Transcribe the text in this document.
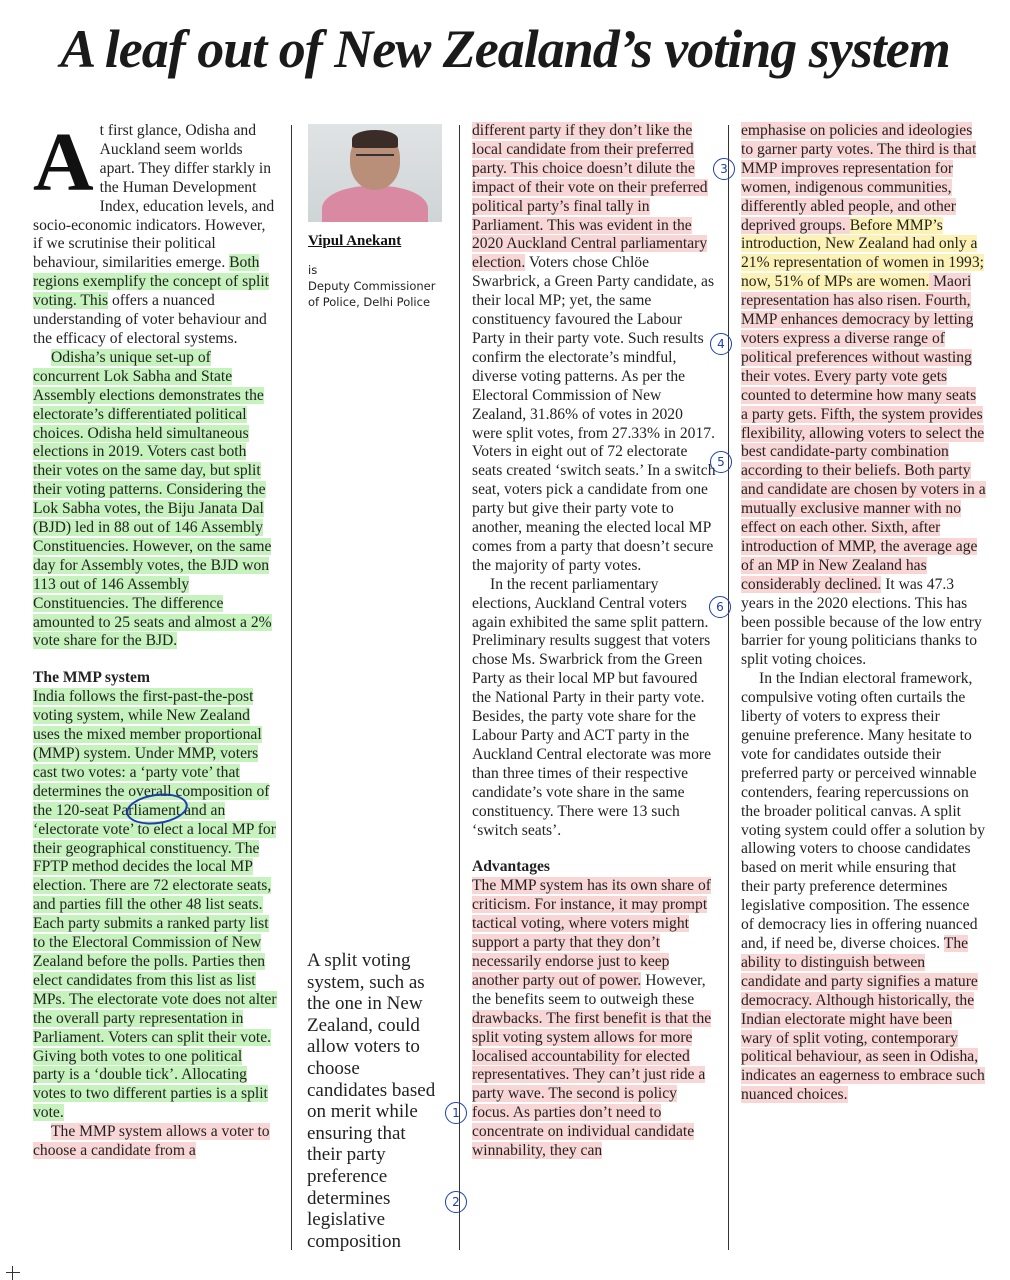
A leaf out of New Zealand’s voting system

At first glance, Odisha and Auckland seem worlds apart. They differ starkly in the Human Development Index, education levels, and socio-economic indicators. However, if we scrutinise their political behaviour, similarities emerge. Both regions exemplify the concept of split voting. This offers a nuanced understanding of voter behaviour and the efficacy of electoral systems.

Odisha’s unique set-up of concurrent Lok Sabha and State Assembly elections demonstrates the electorate’s differentiated political choices. Odisha held simultaneous elections in 2019. Voters cast both their votes on the same day, but split their voting patterns. Considering the Lok Sabha votes, the Biju Janata Dal (BJD) led in 88 out of 146 Assembly Constituencies. However, on the same day for Assembly votes, the BJD won 113 out of 146 Assembly Constituencies. The difference amounted to 25 seats and almost a 2% vote share for the BJD.

The MMP system

India follows the first-past-the-post voting system, while New Zealand uses the mixed member proportional (MMP) system. Under MMP, voters cast two votes: a ‘party vote’ that determines the overall composition of the 120-seat Parliament and an ‘electorate vote’ to elect a local MP for their geographical constituency. The FPTP method decides the local MP election. There are 72 electorate seats, and parties fill the other 48 list seats. Each party submits a ranked party list to the Electoral Commission of New Zealand before the polls. Parties then elect candidates from this list as list MPs. The electorate vote does not alter the overall party representation in Parliament. Voters can split their vote. Giving both votes to one political party is a ‘double tick’. Allocating votes to two different parties is a split vote.

The MMP system allows a voter to choose a candidate from a

Vipul Anekant
is
Deputy Commissioner
of Police, Delhi Police
A split voting system, such as the one in New Zealand, could allow voters to choose candidates based on merit while ensuring that their party preference determines legislative composition

different party if they don’t like the local candidate from their preferred party. This choice doesn’t dilute the impact of their vote on their preferred political party’s final tally in Parliament. This was evident in the 2020 Auckland Central parliamentary election. Voters chose Chlöe Swarbrick, a Green Party candidate, as their local MP; yet, the same constituency favoured the Labour Party in their party vote. Such results confirm the electorate’s mindful, diverse voting patterns. As per the Electoral Commission of New Zealand, 31.86% of votes in 2020 were split votes, from 27.33% in 2017. Voters in eight out of 72 electorate seats created ‘switch seats.’ In a switch seat, voters pick a candidate from one party but give their party vote to another, meaning the elected local MP comes from a party that doesn’t secure the majority of party votes.

In the recent parliamentary elections, Auckland Central voters again exhibited the same split pattern. Preliminary results suggest that voters chose Ms. Swarbrick from the Green Party as their local MP but favoured the National Party in their party vote. Besides, the party vote share for the Labour Party and ACT party in the Auckland Central electorate was more than three times of their respective candidate’s vote share in the same constituency. There were 13 such ‘switch seats’.

Advantages

The MMP system has its own share of criticism. For instance, it may prompt tactical voting, where voters might support a party that they don’t necessarily endorse just to keep another party out of power. However, the benefits seem to outweigh these drawbacks. The first benefit is that the split voting system allows for more localised accountability for elected representatives. They can’t just ride a party wave. The second is policy focus. As parties don’t need to concentrate on individual candidate winnability, they can

emphasise on policies and ideologies to garner party votes. The third is that MMP improves representation for women, indigenous communities, differently abled people, and other deprived groups. Before MMP’s introduction, New Zealand had only a 21% representation of women in 1993; now, 51% of MPs are women. Maori representation has also risen. Fourth, MMP enhances democracy by letting voters express a diverse range of political preferences without wasting their votes. Every party vote gets counted to determine how many seats a party gets. Fifth, the system provides flexibility, allowing voters to select the best candidate-party combination according to their beliefs. Both party and candidate are chosen by voters in a mutually exclusive manner with no effect on each other. Sixth, after introduction of MMP, the average age of an MP in New Zealand has considerably declined. It was 47.3 years in the 2020 elections. This has been possible because of the low entry barrier for young politicians thanks to split voting choices.

In the Indian electoral framework, compulsive voting often curtails the liberty of voters to express their genuine preference. Many hesitate to vote for candidates outside their preferred party or perceived winnable contenders, fearing repercussions on the broader political canvas. A split voting system could offer a solution by allowing voters to choose candidates based on merit while ensuring that their party preference determines legislative composition. The essence of democracy lies in offering nuanced and, if need be, diverse choices. The ability to distinguish between candidate and party signifies a mature democracy. Although historically, the Indian electorate might have been wary of split voting, contemporary political behaviour, as seen in Odisha, indicates an eagerness to embrace such nuanced choices.

1
2
3
4
5
6
